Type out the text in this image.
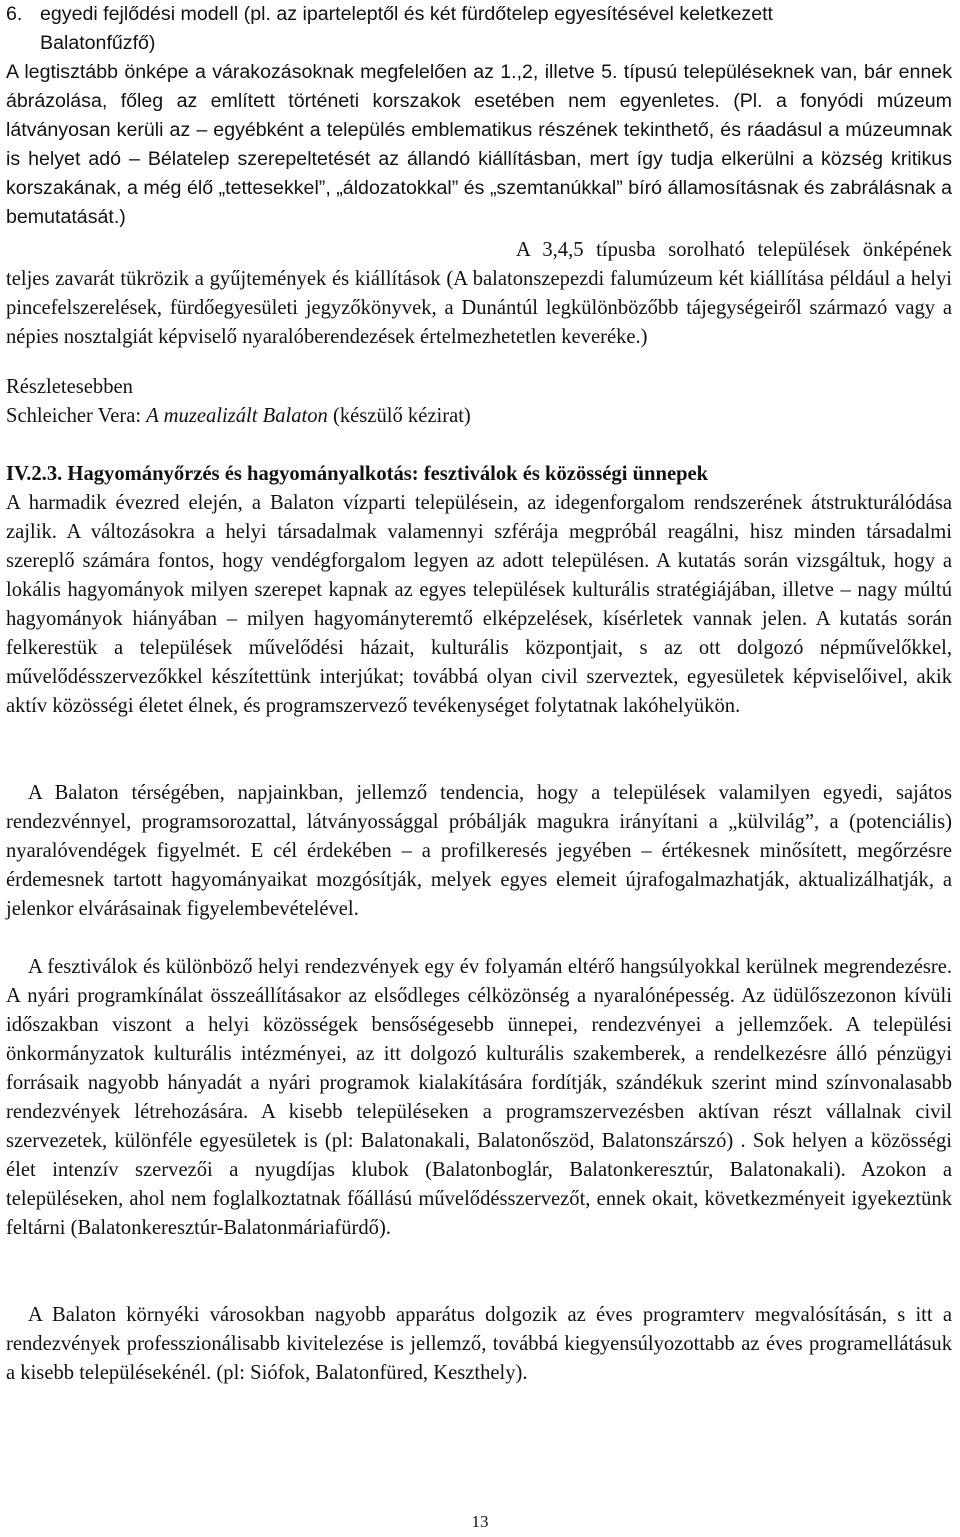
6. egyedi fejlődési modell (pl. az iparteleptől és két fürdőtelep egyesítésével keletkezett
Balatonfűzfő)
A legtisztább önképe a várakozásoknak megfelelően az 1.,2, illetve 5. típusú településeknek van, bár ennek ábrázolása, főleg az említett történeti korszakok esetében nem egyenletes. (Pl. a fonyódi múzeum látványosan kerüli az – egyébként a település emblematikus részének tekinthető, és ráadásul a múzeumnak is helyet adó – Bélatelep szerepeltetését az állandó kiállításban, mert így tudja elkerülni a község kritikus korszakának, a még élő „tettesekkel”, „áldozatokkal” és „szemtanúkkal” bíró államosításnak és zabrálásnak a bemutatását.)
A 3,4,5 típusba sorolható települések önképének teljes zavarát tükrözik a gyűjtemények és kiállítások (A balatonszepezdi falumúzeum két kiállítása például a helyi pincefelszerelések, fürdőegyesületi jegyzőkönyvek, a Dunántúl legkülönbözőbb tájegységeiről származó vagy a népies nosztalgiát képviselő nyaralóberendezések értelmezhetetlen keveréke.)
Részletesebben
Schleicher Vera: A muzealizált Balaton (készülő kézirat)
IV.2.3. Hagyományőrzés és hagyományalkotás: fesztiválok és közösségi ünnepek
A harmadik évezred elején, a Balaton vízparti településein, az idegenforgalom rendszerének átstrukturálódása zajlik. A változásokra a helyi társadalmak valamennyi szférája megpróbál reagálni, hisz minden társadalmi szereplő számára fontos, hogy vendégforgalom legyen az adott településen. A kutatás során vizsgáltuk, hogy a lokális hagyományok milyen szerepet kapnak az egyes települések kulturális stratégiájában, illetve – nagy múltú hagyományok hiányában – milyen hagyományteremtő elképzelések, kísérletek vannak jelen. A kutatás során felkerestük a települések művelődési házait, kulturális központjait, s az ott dolgozó népművelőkkel, művelődésszervezőkkel készítettünk interjúkat; továbbá olyan civil szerveztek, egyesületek képviselőivel, akik aktív közösségi életet élnek, és programszervező tevékenységet folytatnak lakóhelyükön.
A Balaton térségében, napjainkban, jellemző tendencia, hogy a települések valamilyen egyedi, sajátos rendezvénnyel, programsorozattal, látványossággal próbálják magukra irányítani a „külvilág”, a (potenciális) nyaralóvendégek figyelmét. E cél érdekében – a profilkeresés jegyében – értékesnek minősített, megőrzésre érdemesnek tartott hagyományaikat mozgósítják, melyek egyes elemeit újrafogalmazhatják, aktualizálhatják, a jelenkor elvárásainak figyelembevételével.
A fesztiválok és különböző helyi rendezvények egy év folyamán eltérő hangsúlyokkal kerülnek megrendezésre. A nyári programkínálat összeállításakor az elsődleges célközönség a nyaralónépesség. Az üdülőszezonon kívüli időszakban viszont a helyi közösségek bensőségesebb ünnepei, rendezvényei a jellemzőek. A települési önkormányzatok kulturális intézményei, az itt dolgozó kulturális szakemberek, a rendelkezésre álló pénzügyi forrásaik nagyobb hányadát a nyári programok kialakítására fordítják, szándékuk szerint mind színvonalasabb rendezvények létrehozására. A kisebb településeken a programszervezésben aktívan részt vállalnak civil szervezetek, különféle egyesületek is (pl: Balatonakali, Balatonőszöd, Balatonszárszó) . Sok helyen a közösségi élet intenzív szervezői a nyugdíjas klubok (Balatonboglár, Balatonkeresztúr, Balatonakali). Azokon a településeken, ahol nem foglalkoztatnak főállású művelődésszervezőt, ennek okait, következményeit igyekeztünk feltárni (Balatonkeresztúr-Balatonmáriafürdő).
A Balaton környéki városokban nagyobb apparátus dolgozik az éves programterv megvalósításán, s itt a rendezvények professzionálisabb kivitelezése is jellemző, továbbá kiegyensúlyozottabb az éves programellátásuk a kisebb településekénél. (pl: Siófok, Balatonfüred, Keszthely).
13
